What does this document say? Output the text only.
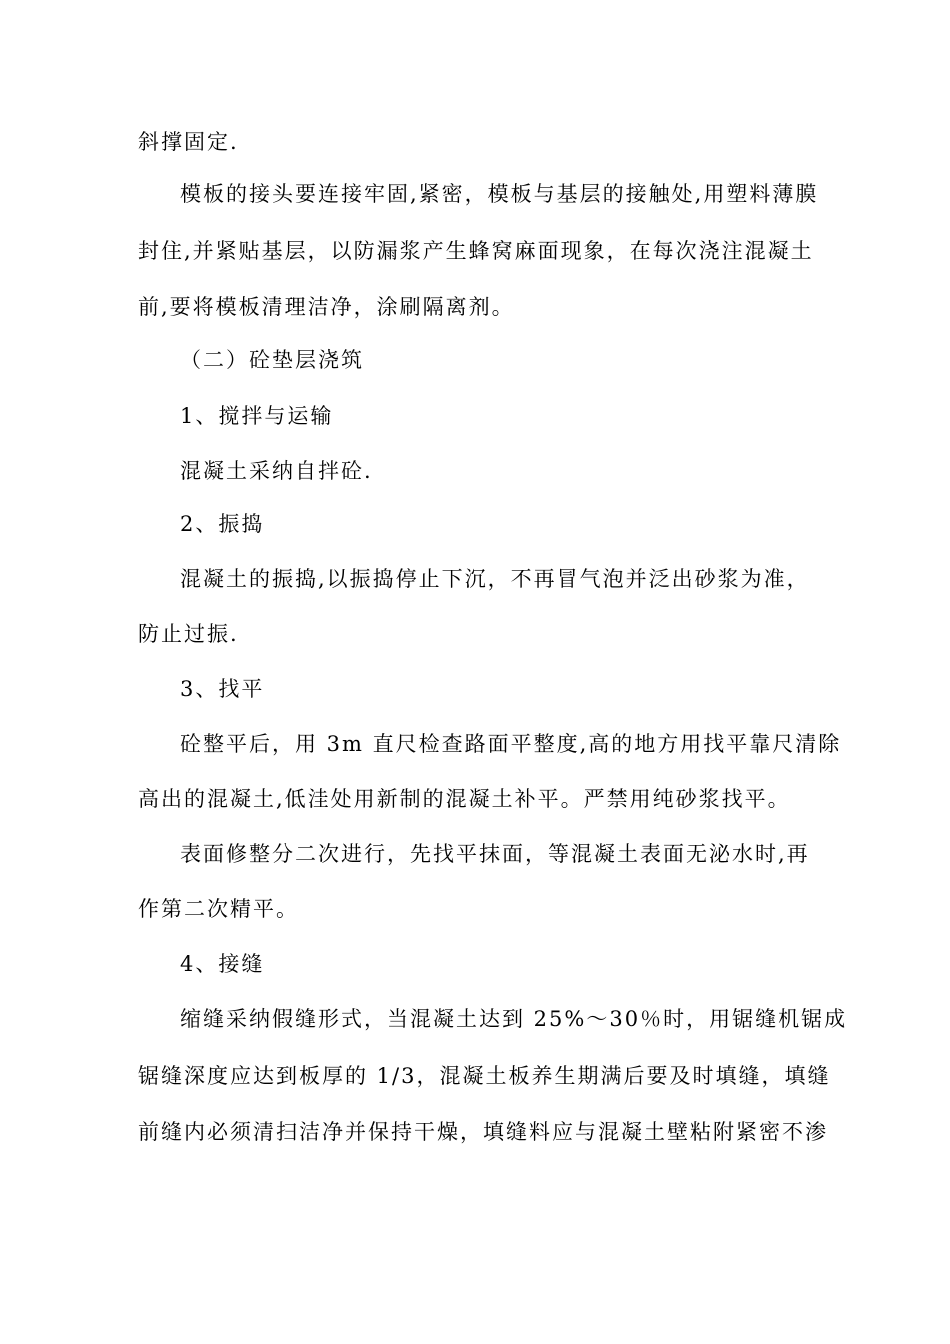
斜撑固定.
模板的接头要连接牢固,紧密，模板与基层的接触处,用塑料薄膜
封住,并紧贴基层，以防漏浆产生蜂窝麻面现象，在每次浇注混凝土
前,要将模板清理洁净，涂刷隔离剂。
（二）砼垫层浇筑
1、搅拌与运输
混凝土采纳自拌砼.
2、振捣
混凝土的振捣,以振捣停止下沉，不再冒气泡并泛出砂浆为准，
防止过振.
3、找平
砼整平后，用 3m 直尺检查路面平整度,高的地方用找平靠尺清除
高出的混凝土,低洼处用新制的混凝土补平。严禁用纯砂浆找平。
表面修整分二次进行，先找平抹面，等混凝土表面无泌水时,再
作第二次精平。
4、接缝
缩缝采纳假缝形式，当混凝土达到 25%～30％时，用锯缝机锯成
锯缝深度应达到板厚的 1/3，混凝土板养生期满后要及时填缝，填缝
前缝内必须清扫洁净并保持干燥，填缝料应与混凝土壁粘附紧密不渗
